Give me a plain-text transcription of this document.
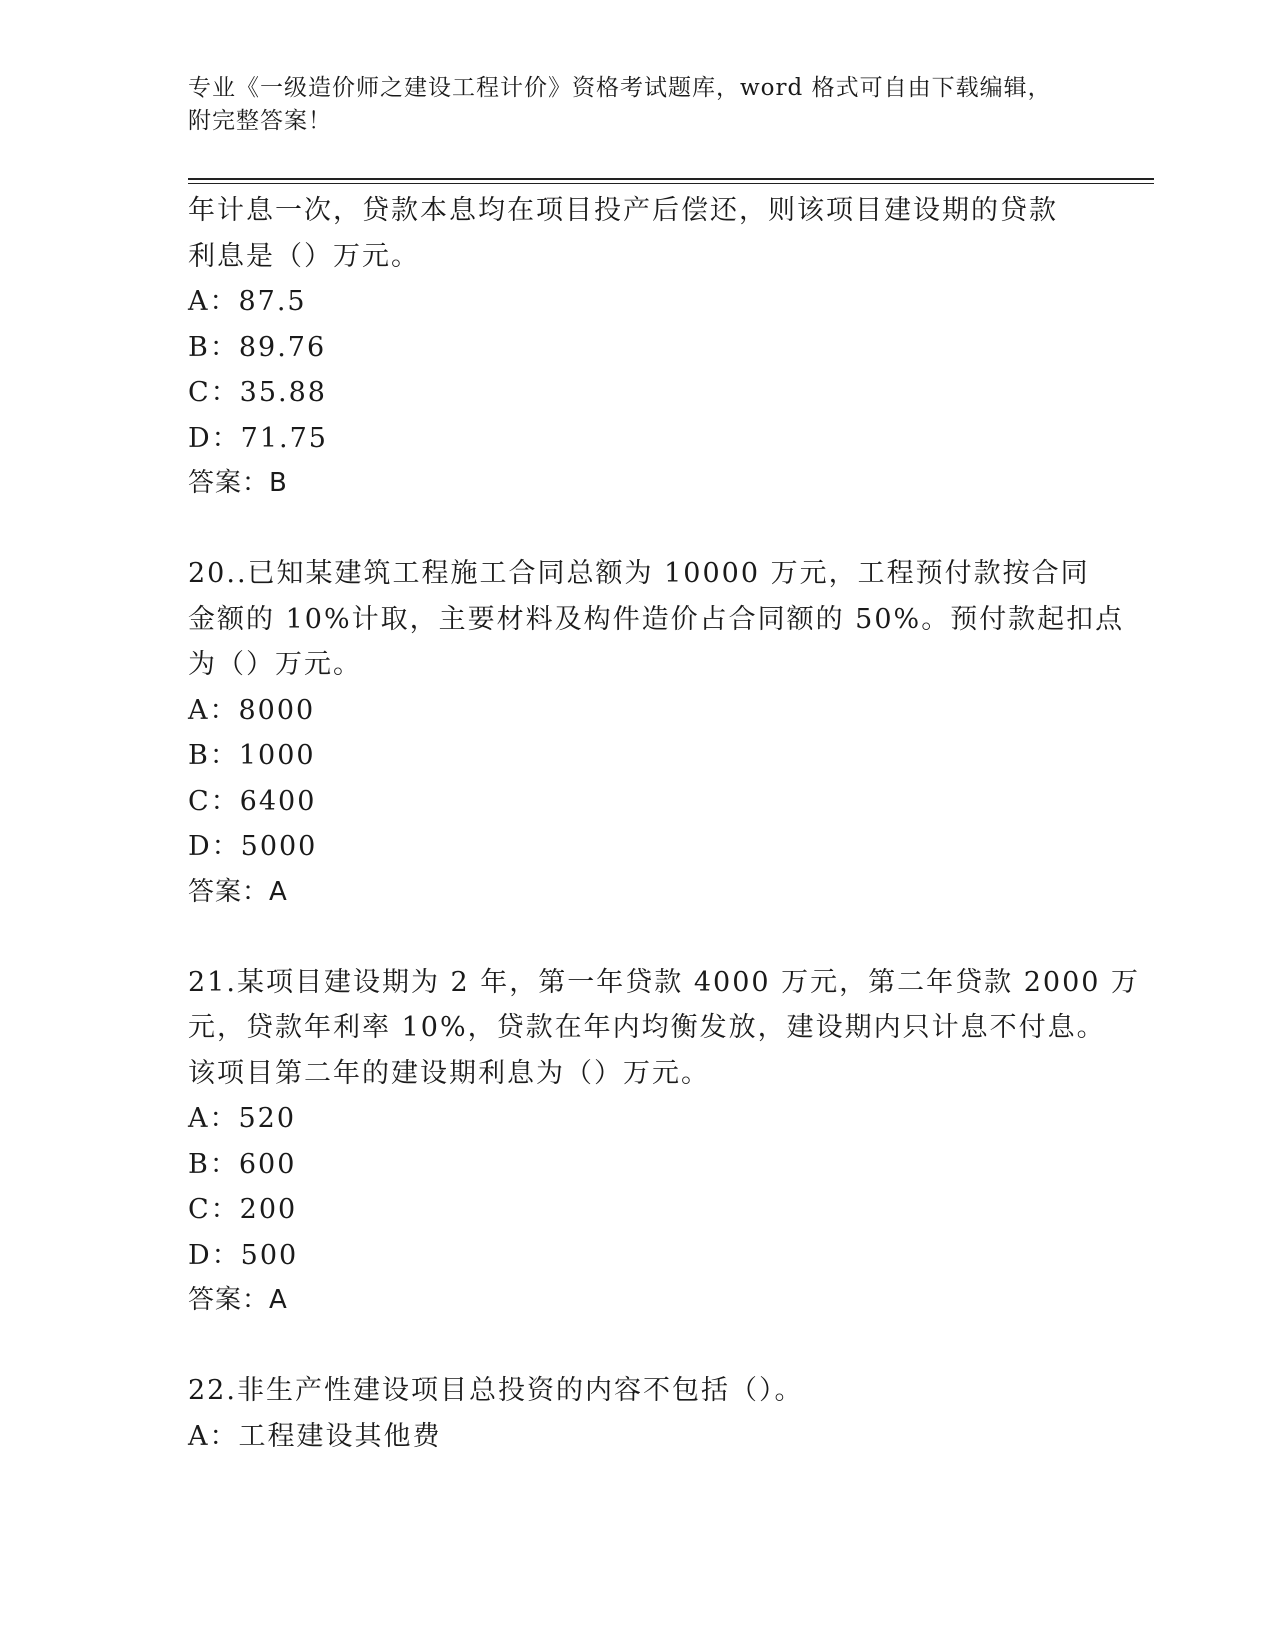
专业《一级造价师之建设工程计价》资格考试题库，word 格式可自由下载编辑，
附完整答案！
年计息一次，贷款本息均在项目投产后偿还，则该项目建设期的贷款
利息是（）万元。
A：87.5
B：89.76
C：35.88
D：71.75
答案：B
20..已知某建筑工程施工合同总额为 10000 万元，工程预付款按合同
金额的 10%计取，主要材料及构件造价占合同额的 50%。预付款起扣点
为（）万元。
A：8000
B：1000
C：6400
D：5000
答案：A
21.某项目建设期为 2 年，第一年贷款 4000 万元，第二年贷款 2000 万
元，贷款年利率 10%，贷款在年内均衡发放，建设期内只计息不付息。
该项目第二年的建设期利息为（）万元。
A：520
B：600
C：200
D：500
答案：A
22.非生产性建设项目总投资的内容不包括（）。
A：工程建设其他费
